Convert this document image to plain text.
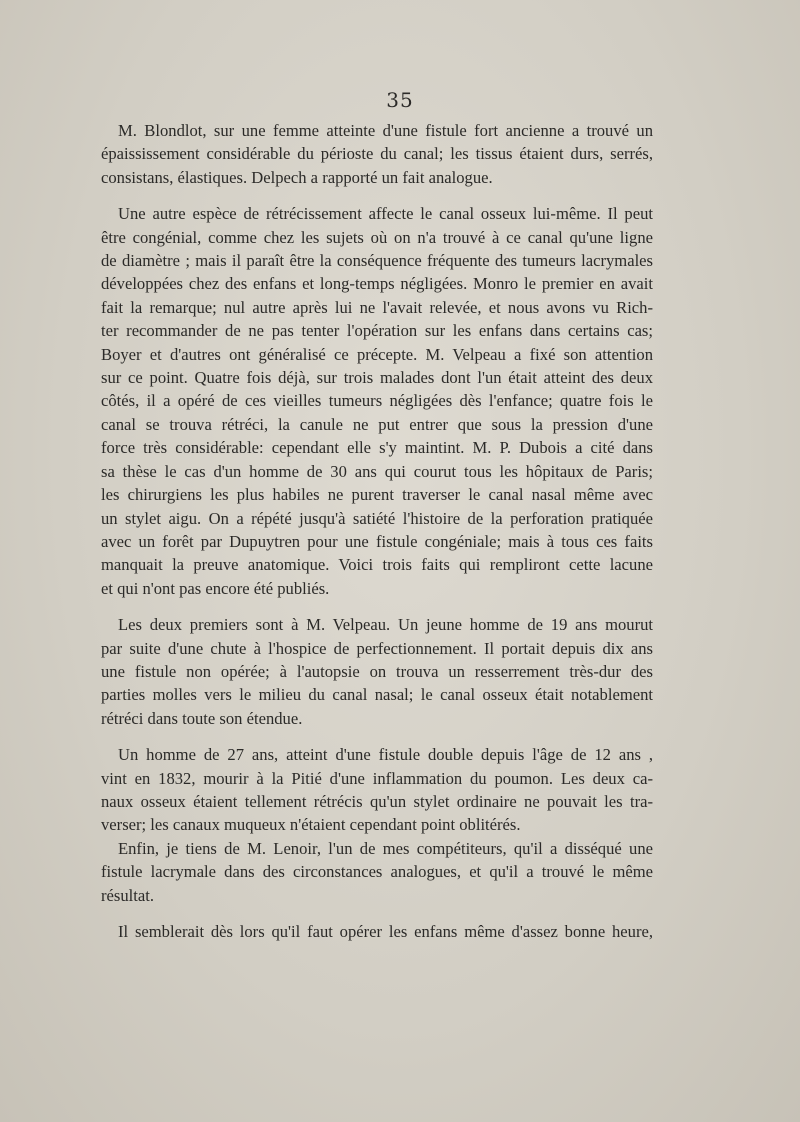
35
M. Blondlot, sur une femme atteinte d'une fistule fort ancienne a trouvé un
épaississement considérable du périoste du canal; les tissus étaient durs, serrés,
consistans, élastiques. Delpech a rapporté un fait analogue.
Une autre espèce de rétrécissement affecte le canal osseux lui-même. Il peut
être congénial, comme chez les sujets où on n'a trouvé à ce canal qu'une ligne
de diamètre ; mais il paraît être la conséquence fréquente des tumeurs lacrymales
développées chez des enfans et long-temps négligées. Monro le premier en avait
fait la remarque; nul autre après lui ne l'avait relevée, et nous avons vu Rich-
ter recommander de ne pas tenter l'opération sur les enfans dans certains cas;
Boyer et d'autres ont généralisé ce précepte. M. Velpeau a fixé son attention
sur ce point. Quatre fois déjà, sur trois malades dont l'un était atteint des deux
côtés, il a opéré de ces vieilles tumeurs négligées dès l'enfance; quatre fois le
canal se trouva rétréci, la canule ne put entrer que sous la pression d'une
force très considérable: cependant elle s'y maintint. M. P. Dubois a cité dans
sa thèse le cas d'un homme de 30 ans qui courut tous les hôpitaux de Paris;
les chirurgiens les plus habiles ne purent traverser le canal nasal même avec
un stylet aigu. On a répété jusqu'à satiété l'histoire de la perforation pratiquée
avec un forêt par Dupuytren pour une fistule congéniale; mais à tous ces faits
manquait la preuve anatomique. Voici trois faits qui rempliront cette lacune
et qui n'ont pas encore été publiés.
Les deux premiers sont à M. Velpeau. Un jeune homme de 19 ans mourut
par suite d'une chute à l'hospice de perfectionnement. Il portait depuis dix ans
une fistule non opérée; à l'autopsie on trouva un resserrement très-dur des
parties molles vers le milieu du canal nasal; le canal osseux était notablement
rétréci dans toute son étendue.
Un homme de 27 ans, atteint d'une fistule double depuis l'âge de 12 ans ,
vint en 1832, mourir à la Pitié d'une inflammation du poumon. Les deux ca-
naux osseux étaient tellement rétrécis qu'un stylet ordinaire ne pouvait les tra-
verser; les canaux muqueux n'étaient cependant point oblitérés.
Enfin, je tiens de M. Lenoir, l'un de mes compétiteurs, qu'il a disséqué une
fistule lacrymale dans des circonstances analogues, et qu'il a trouvé le même
résultat.
Il semblerait dès lors qu'il faut opérer les enfans même d'assez bonne heure,
